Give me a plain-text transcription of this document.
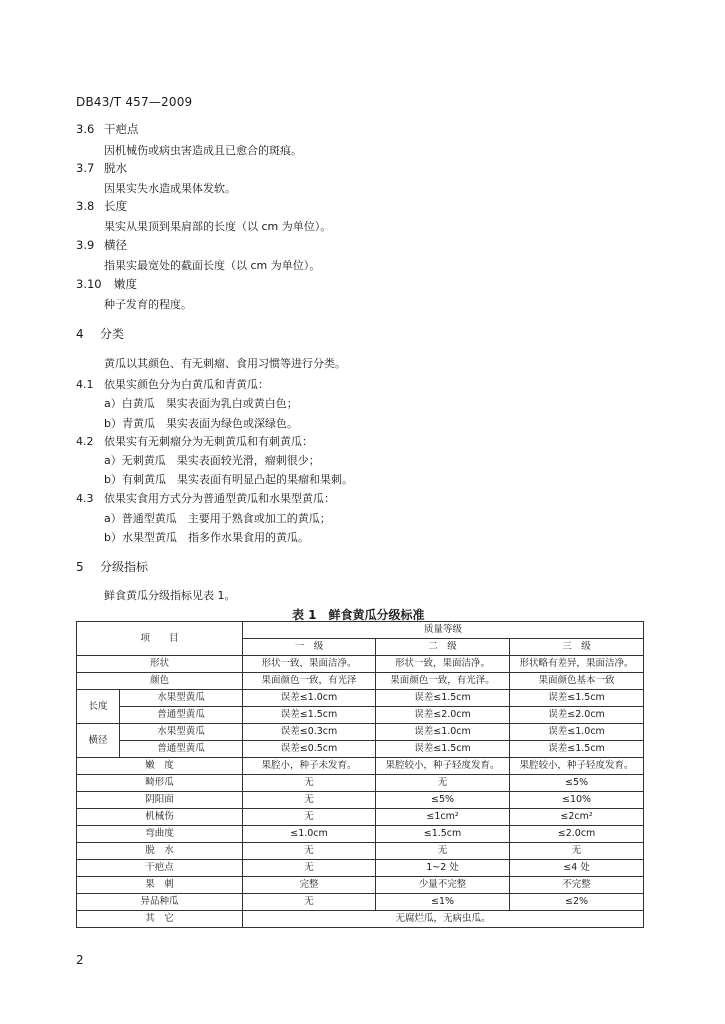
DB43/T 457—2009
3.6 干疤点
因机械伤或病虫害造成且已愈合的斑痕。
3.7 脱水
因果实失水造成果体发软。
3.8 长度
果实从果顶到果肩部的长度（以 cm 为单位）。
3.9 横径
指果实最宽处的截面长度（以 cm 为单位）。
3.10 嫩度
种子发育的程度。
4 分类
黄瓜以其颜色、有无刺瘤、食用习惯等进行分类。
4.1 依果实颜色分为白黄瓜和青黄瓜：
a）白黄瓜　果实表面为乳白或黄白色；
b）青黄瓜　果实表面为绿色或深绿色。
4.2 依果实有无刺瘤分为无刺黄瓜和有刺黄瓜：
a）无刺黄瓜　果实表面较光滑，瘤刺很少；
b）有刺黄瓜　果实表面有明显凸起的果瘤和果刺。
4.3 依果实食用方式分为普通型黄瓜和水果型黄瓜：
a）普通型黄瓜　主要用于熟食或加工的黄瓜；
b）水果型黄瓜　指多作水果食用的黄瓜。
5 分级指标
鲜食黄瓜分级指标见表 1。
表 1　鲜食黄瓜分级标准
项　　目		质量等级		
		一　级	二　级	三　级
形状		形状一致，果面洁净。	形状一致，果面洁净。	形状略有差异，果面洁净。
颜色		果面颜色一致，有光泽	果面颜色一致，有光泽。	果面颜色基本一致
长度	水果型黄瓜	误差≤1.0cm	误差≤1.5cm	误差≤1.5cm
	普通型黄瓜	误差≤1.5cm	误差≤2.0cm	误差≤2.0cm
横径	水果型黄瓜	误差≤0.3cm	误差≤1.0cm	误差≤1.0cm
	普通型黄瓜	误差≤0.5cm	误差≤1.5cm	误差≤1.5cm
嫩　度		果腔小，种子未发育。	果腔较小，种子轻度发育。	果腔较小，种子轻度发育。
畸形瓜		无	无	≤5%
阴阳面		无	≤5%	≤10%
机械伤		无	≤1cm²	≤2cm²
弯曲度		≤1.0cm	≤1.5cm	≤2.0cm
脱　水		无	无	无
干疤点		无	1~2 处	≤4 处
果　刺		完整	少量不完整	不完整
异品种瓜		无	≤1%	≤2%
其　它		无腐烂瓜，无病虫瓜。		
2
